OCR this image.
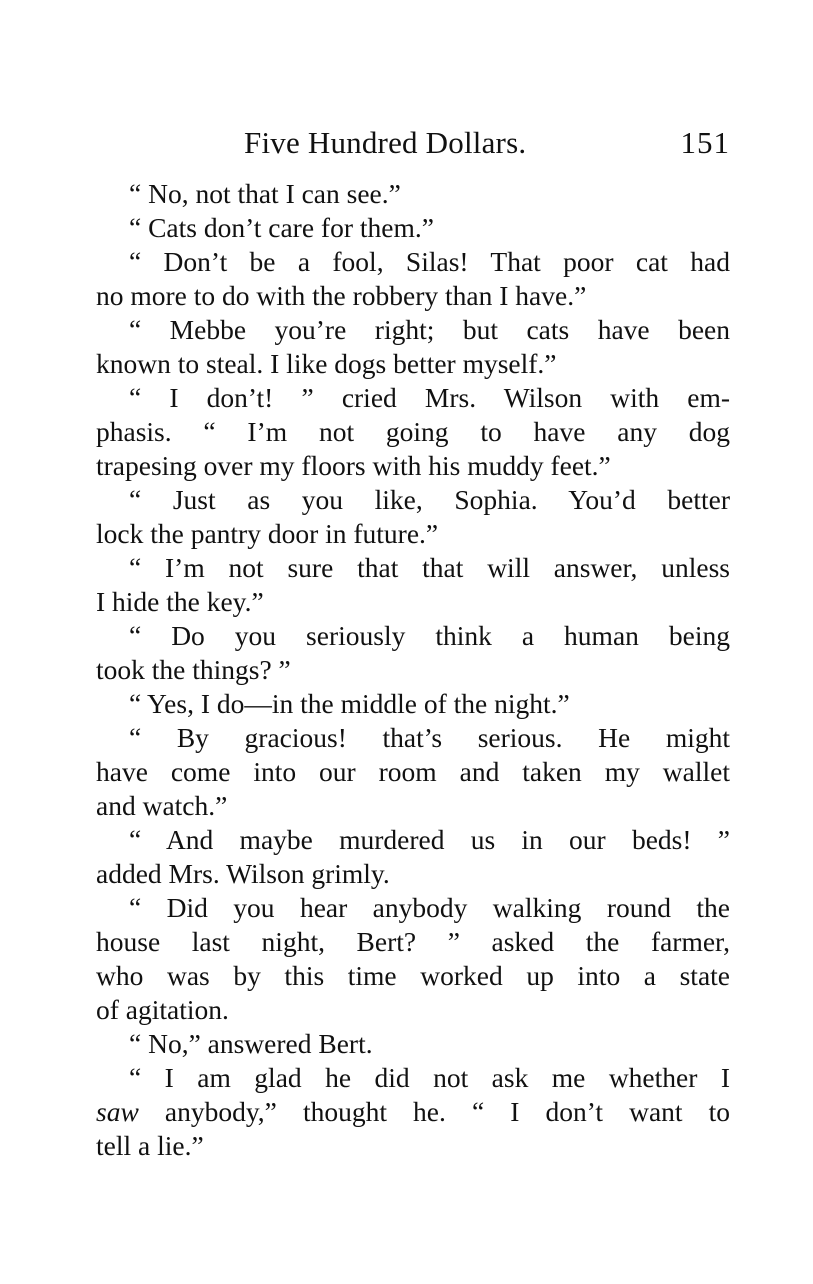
Five Hundred Dollars.	151
“ No, not that I can see.”
“ Cats don’t care for them.”
“ Don’t be a fool, Silas! That poor cat had
no more to do with the robbery than I have.”
“ Mebbe you’re right; but cats have been
known to steal. I like dogs better myself.”
“ I don’t! ” cried Mrs. Wilson with em-
phasis. “ I’m not going to have any dog
trapesing over my floors with his muddy feet.”
“ Just as you like, Sophia. You’d better
lock the pantry door in future.”
“ I’m not sure that that will answer, unless
I hide the key.”
“ Do you seriously think a human being
took the things? ”
“ Yes, I do—in the middle of the night.”
“ By gracious! that’s serious. He might
have come into our room and taken my wallet
and watch.”
“ And maybe murdered us in our beds! ”
added Mrs. Wilson grimly.
“ Did you hear anybody walking round the
house last night, Bert? ” asked the farmer,
who was by this time worked up into a state
of agitation.
“ No,” answered Bert.
“ I am glad he did not ask me whether I
saw anybody,” thought he. “ I don’t want to
tell a lie.”
